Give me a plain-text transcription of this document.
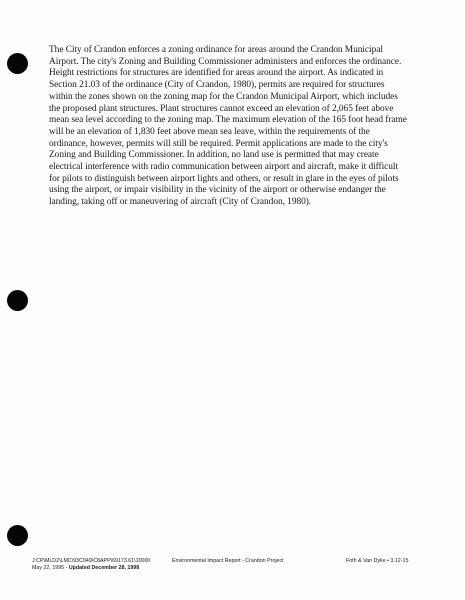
The City of Crandon enforces a zoning ordinance for areas around the Crandon Municipal
Airport. The city's Zoning and Building Commissioner administers and enforces the ordinance.
Height restrictions for structures are identified for areas around the airport. As indicated in
Section 21.03 of the ordinance (City of Crandon, 1980), permits are required for structures
within the zones shown on the zoning map for the Crandon Municipal Airport, which includes
the proposed plant structures. Plant structures cannot exceed an elevation of 2,065 feet above
mean sea level according to the zoning map. The maximum elevation of the 165 foot head frame
will be an elevation of 1,830 feet above mean sea leave, within the requirements of the
ordinance, however, permits will still be required. Permit applications are made to the city's
Zoning and Building Commissioner. In addition, no land use is permitted that may create
electrical interference with radio communication between airport and aircraft, make it difficult
for pilots to distinguish between airport lights and others, or result in glare in the eyes of pilots
using the airport, or impair visibility in the vicinity of the airport or otherwise endanger the
landing, taking off or maneuvering of aircraft (City of Crandon, 1980).
J:CP\MLD2\LMC\93C049\C8APP\69173.61\10000
May 22, 1995 - Updated December 28, 1998
Environmental Impact Report - Crandon Project	Foth & Van Dyke • 3.12-15
